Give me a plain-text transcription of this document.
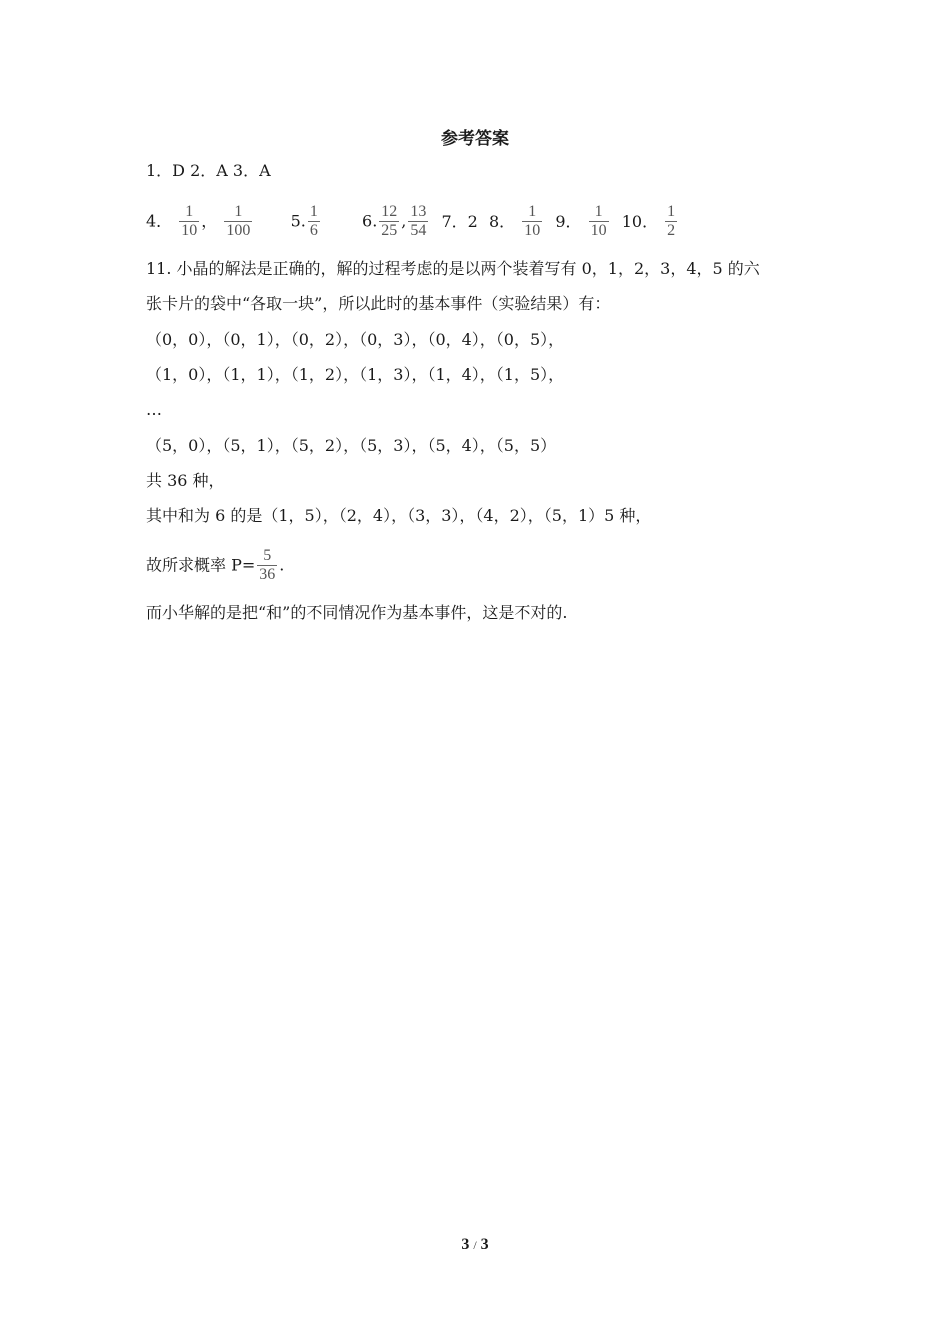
参考答案
1．D 2．A 3．A
4． $\frac{1}{10}$ ， $\frac{1}{100} 5$. $\frac{1}{6}$	6. $\frac{12}{25}$ , $\frac{13}{54} 7$．2 8． $\frac{1}{10} 9$． $\frac{1}{10} 10$． $\frac{1}{2}$
11. 小晶的解法是正确的，解的过程考虑的是以两个装着写有 0，1，2，3，4，5 的六
张卡片的袋中“各取一块”，所以此时的基本事件（实验结果）有：
（0，0），（0，1），（0，2），（0，3），（0，4），（0，5），
（1，0），（1，1），（1，2），（1，3），（1，4），（1，5），
…
（5，0），（5，1），（5，2），（5，3），（5，4），（5，5）
共 36 种，
其中和为 6 的是（1，5），（2，4），（3，3），（4，2），（5，1）5 种，
故所求概率 $P= \frac{5}{36}$ .
而小华解的是把“和”的不同情况作为基本事件，这是不对的.
3 / 3
